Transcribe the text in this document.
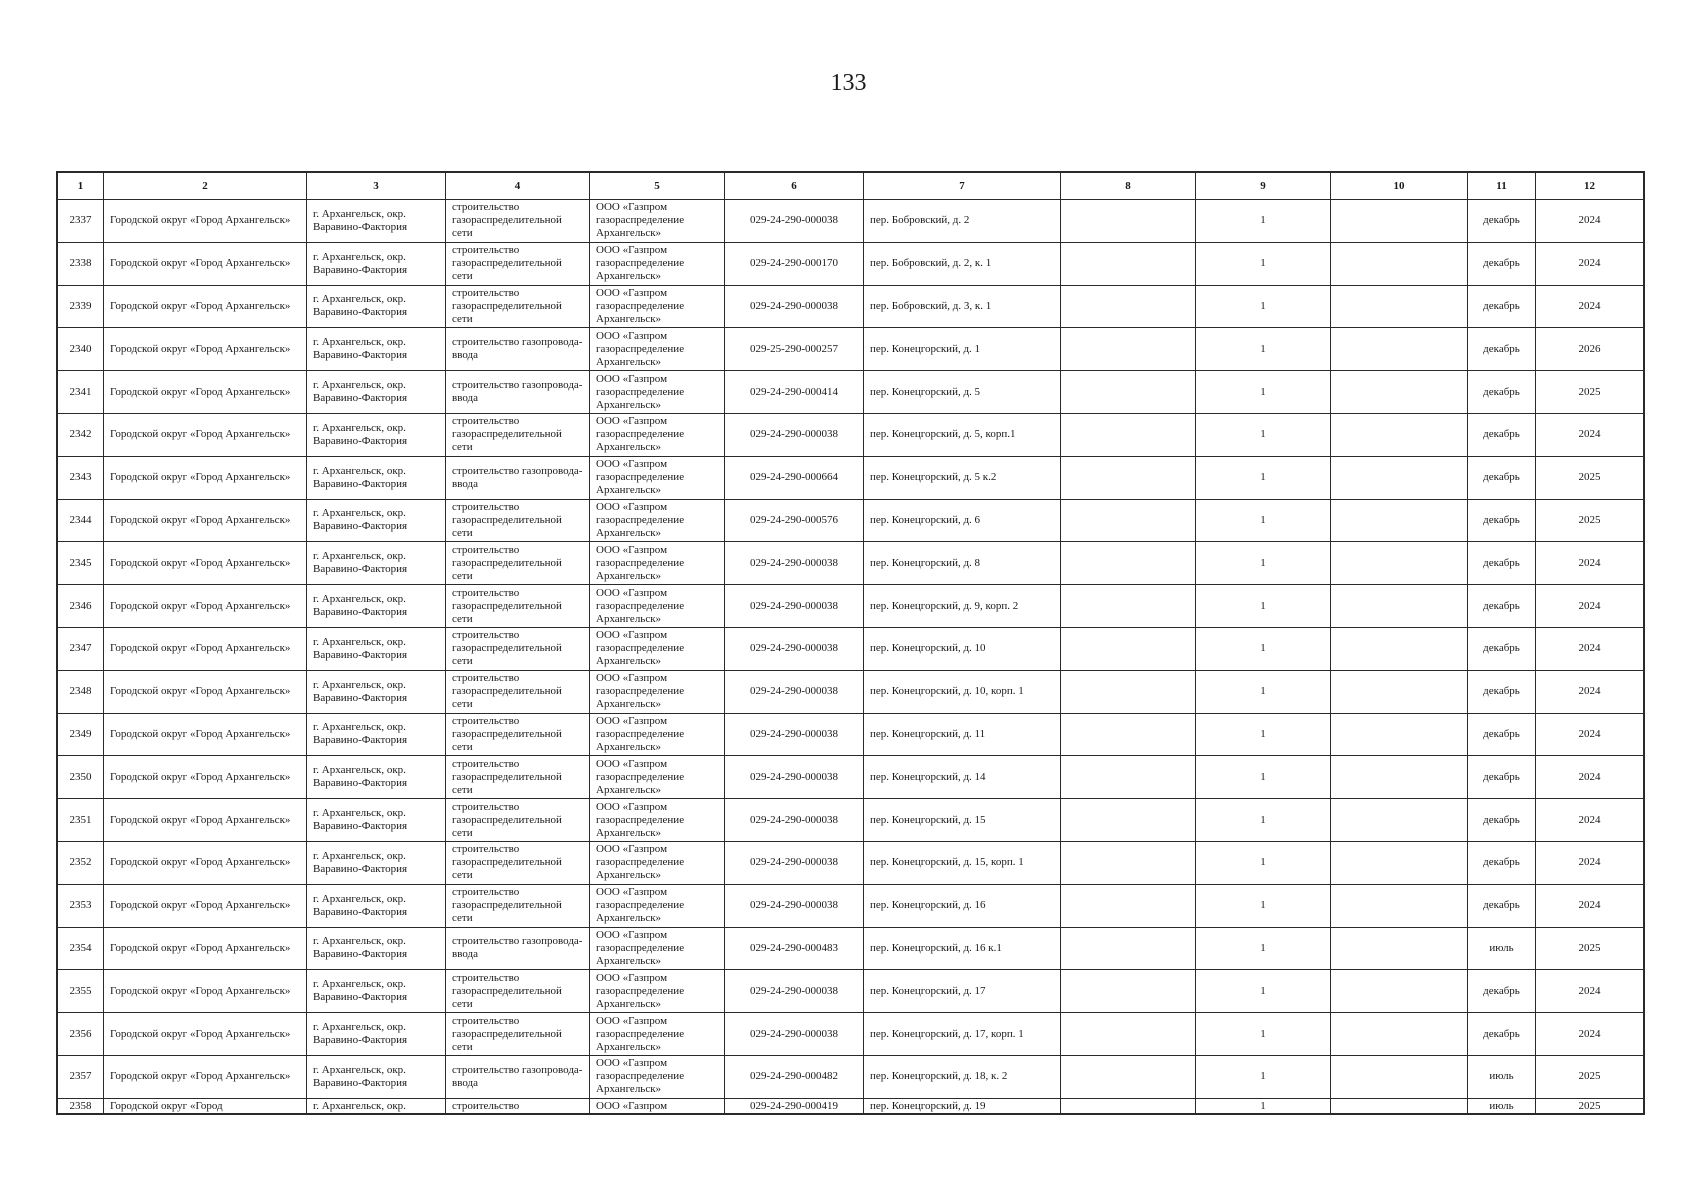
133
1	2	3	4	5	6	7	8	9	10	11	12

2337	Городской округ «Город Архангельск»	г. Архангельск, окр. Варавино-Фактория	строительство газораспределительной сети	ООО «Газпром газораспределение Архангельск»	029-24-290-000038	пер. Бобровский, д. 2		1		декабрь	2024

2338	Городской округ «Город Архангельск»	г. Архангельск, окр. Варавино-Фактория	строительство газораспределительной сети	ООО «Газпром газораспределение Архангельск»	029-24-290-000170	пер. Бобровский, д. 2, к. 1		1		декабрь	2024

2339	Городской округ «Город Архангельск»	г. Архангельск, окр. Варавино-Фактория	строительство газораспределительной сети	ООО «Газпром газораспределение Архангельск»	029-24-290-000038	пер. Бобровский, д. 3, к. 1		1		декабрь	2024

2340	Городской округ «Город Архангельск»	г. Архангельск, окр. Варавино-Фактория	строительство газопровода-ввода	ООО «Газпром газораспределение Архангельск»	029-25-290-000257	пер. Конецгорский, д. 1		1		декабрь	2026

2341	Городской округ «Город Архангельск»	г. Архангельск, окр. Варавино-Фактория	строительство газопровода-ввода	ООО «Газпром газораспределение Архангельск»	029-24-290-000414	пер. Конецгорский, д. 5		1		декабрь	2025

2342	Городской округ «Город Архангельск»	г. Архангельск, окр. Варавино-Фактория	строительство газораспределительной сети	ООО «Газпром газораспределение Архангельск»	029-24-290-000038	пер. Конецгорский, д. 5, корп.1		1		декабрь	2024

2343	Городской округ «Город Архангельск»	г. Архангельск, окр. Варавино-Фактория	строительство газопровода-ввода	ООО «Газпром газораспределение Архангельск»	029-24-290-000664	пер. Конецгорский, д. 5 к.2		1		декабрь	2025

2344	Городской округ «Город Архангельск»	г. Архангельск, окр. Варавино-Фактория	строительство газораспределительной сети	ООО «Газпром газораспределение Архангельск»	029-24-290-000576	пер. Конецгорский, д. 6		1		декабрь	2025

2345	Городской округ «Город Архангельск»	г. Архангельск, окр. Варавино-Фактория	строительство газораспределительной сети	ООО «Газпром газораспределение Архангельск»	029-24-290-000038	пер. Конецгорский, д. 8		1		декабрь	2024

2346	Городской округ «Город Архангельск»	г. Архангельск, окр. Варавино-Фактория	строительство газораспределительной сети	ООО «Газпром газораспределение Архангельск»	029-24-290-000038	пер. Конецгорский, д. 9, корп. 2		1		декабрь	2024

2347	Городской округ «Город Архангельск»	г. Архангельск, окр. Варавино-Фактория	строительство газораспределительной сети	ООО «Газпром газораспределение Архангельск»	029-24-290-000038	пер. Конецгорский, д. 10		1		декабрь	2024

2348	Городской округ «Город Архангельск»	г. Архангельск, окр. Варавино-Фактория	строительство газораспределительной сети	ООО «Газпром газораспределение Архангельск»	029-24-290-000038	пер. Конецгорский, д. 10, корп. 1		1		декабрь	2024

2349	Городской округ «Город Архангельск»	г. Архангельск, окр. Варавино-Фактория	строительство газораспределительной сети	ООО «Газпром газораспределение Архангельск»	029-24-290-000038	пер. Конецгорский, д. 11		1		декабрь	2024

2350	Городской округ «Город Архангельск»	г. Архангельск, окр. Варавино-Фактория	строительство газораспределительной сети	ООО «Газпром газораспределение Архангельск»	029-24-290-000038	пер. Конецгорский, д. 14		1		декабрь	2024

2351	Городской округ «Город Архангельск»	г. Архангельск, окр. Варавино-Фактория	строительство газораспределительной сети	ООО «Газпром газораспределение Архангельск»	029-24-290-000038	пер. Конецгорский, д. 15		1		декабрь	2024

2352	Городской округ «Город Архангельск»	г. Архангельск, окр. Варавино-Фактория	строительство газораспределительной сети	ООО «Газпром газораспределение Архангельск»	029-24-290-000038	пер. Конецгорский, д. 15, корп. 1		1		декабрь	2024

2353	Городской округ «Город Архангельск»	г. Архангельск, окр. Варавино-Фактория	строительство газораспределительной сети	ООО «Газпром газораспределение Архангельск»	029-24-290-000038	пер. Конецгорский, д. 16		1		декабрь	2024

2354	Городской округ «Город Архангельск»	г. Архангельск, окр. Варавино-Фактория	строительство газопровода-ввода	ООО «Газпром газораспределение Архангельск»	029-24-290-000483	пер. Конецгорский, д. 16 к.1		1		июль	2025

2355	Городской округ «Город Архангельск»	г. Архангельск, окр. Варавино-Фактория	строительство газораспределительной сети	ООО «Газпром газораспределение Архангельск»	029-24-290-000038	пер. Конецгорский, д. 17		1		декабрь	2024

2356	Городской округ «Город Архангельск»	г. Архангельск, окр. Варавино-Фактория	строительство газораспределительной сети	ООО «Газпром газораспределение Архангельск»	029-24-290-000038	пер. Конецгорский, д. 17, корп. 1		1		декабрь	2024

2357	Городской округ «Город Архангельск»	г. Архангельск, окр. Варавино-Фактория	строительство газопровода-ввода	ООО «Газпром газораспределение Архангельск»	029-24-290-000482	пер. Конецгорский, д. 18, к. 2		1		июль	2025

2358	Городской округ «Город	г. Архангельск, окр.	строительство	ООО «Газпром	029-24-290-000419	пер. Конецгорский, д. 19		1		июль	2025
